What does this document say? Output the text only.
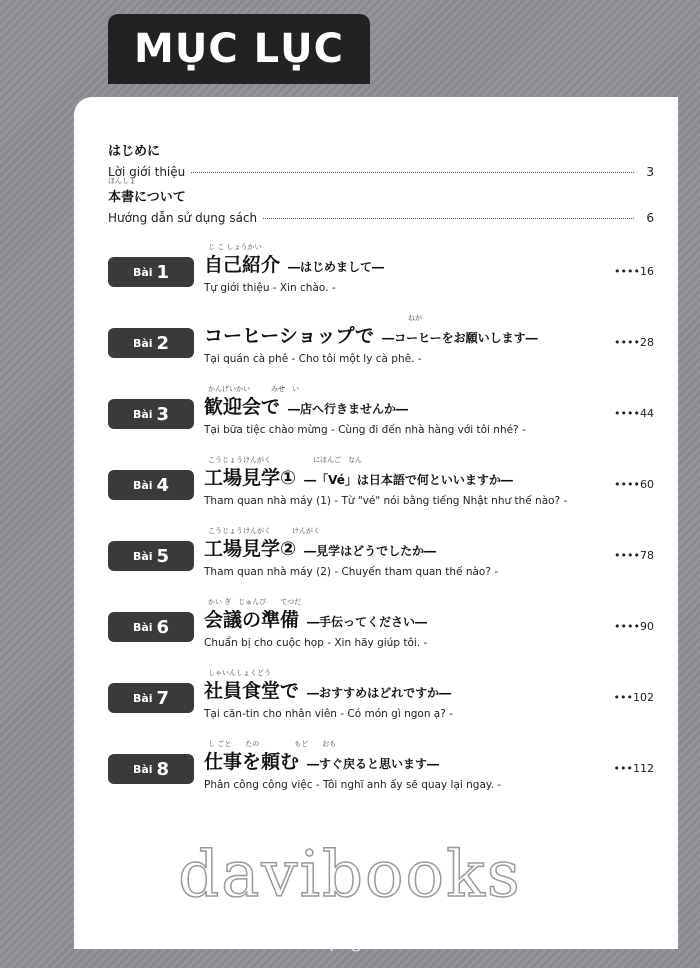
MỤC LỤC
はじめに
Lời giới thiệu	3
ほんしょ
本書について
Hướng dẫn sử dụng sách	6
Bài 1
じ こ しょうかい
自己紹介 ―はじめまして―
Tự giới thiệu - Xin chào. -
••••16
Bài 2
ねが
コーヒーショップで ―コーヒーをお願いします―
Tại quán cà phê - Cho tôi một ly cà phê. -
••••28
Bài 3
かんげいかい　　　みせ　い
歓迎会で ―店へ行きませんか―
Tại bữa tiệc chào mừng - Cùng đi đến nhà hàng với tôi nhé? -
••••44
Bài 4
こうじょうけんがく　　　　　　にほんご　なん
工場見学① ―「Vé」は日本語で何といいますか―
Tham quan nhà máy (1) - Từ "vé" nói bằng tiếng Nhật như thế nào? -
••••60
Bài 5
こうじょうけんがく　　　けんがく
工場見学② ―見学はどうでしたか―
Tham quan nhà máy (2) - Chuyến tham quan thế nào? -
••••78
Bài 6
かい ぎ　じゅんび　　てつだ
会議の準備 ―手伝ってください―
Chuẩn bị cho cuộc họp - Xin hãy giúp tôi. -
••••90
Bài 7
しゃいんしょくどう
社員食堂で ―おすすめはどれですか―
Tại căn-tin cho nhân viên - Có món gì ngon ạ? -
•••102
Bài 8
し ごと　　たの　　　　　もど　　おも
仕事を頼む ―すぐ戻ると思います―
Phân công công việc - Tôi nghĩ anh ấy sẽ quay lại ngay. -
•••112
davibooks
Khát vọng tri thức
